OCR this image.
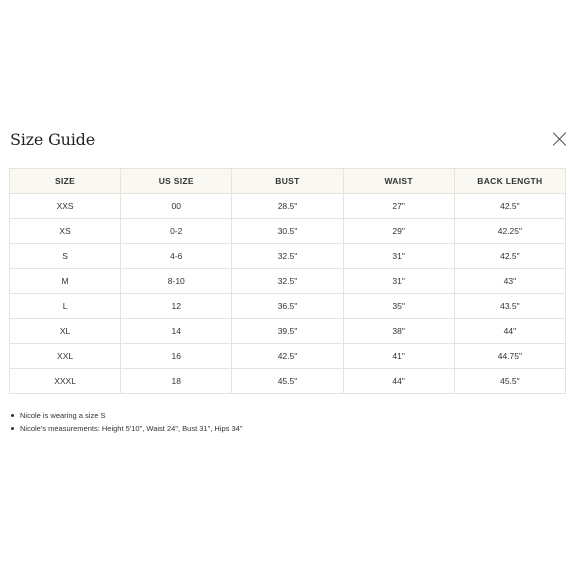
Size Guide
SIZE	US SIZE	BUST	WAIST	BACK LENGTH
XXS	00	28.5"	27"	42.5"
XS	0-2	30.5"	29"	42.25"
S	4-6	32.5"	31"	42.5"
M	8-10	32.5"	31"	43"
L	12	36.5"	35"	43.5"
XL	14	39.5"	38"	44"
XXL	16	42.5"	41"	44.75"
XXXL	18	45.5"	44"	45.5"
Nicole is wearing a size S
Nicole's measurements: Height 5'10", Waist 24", Bust 31", Hips 34"
